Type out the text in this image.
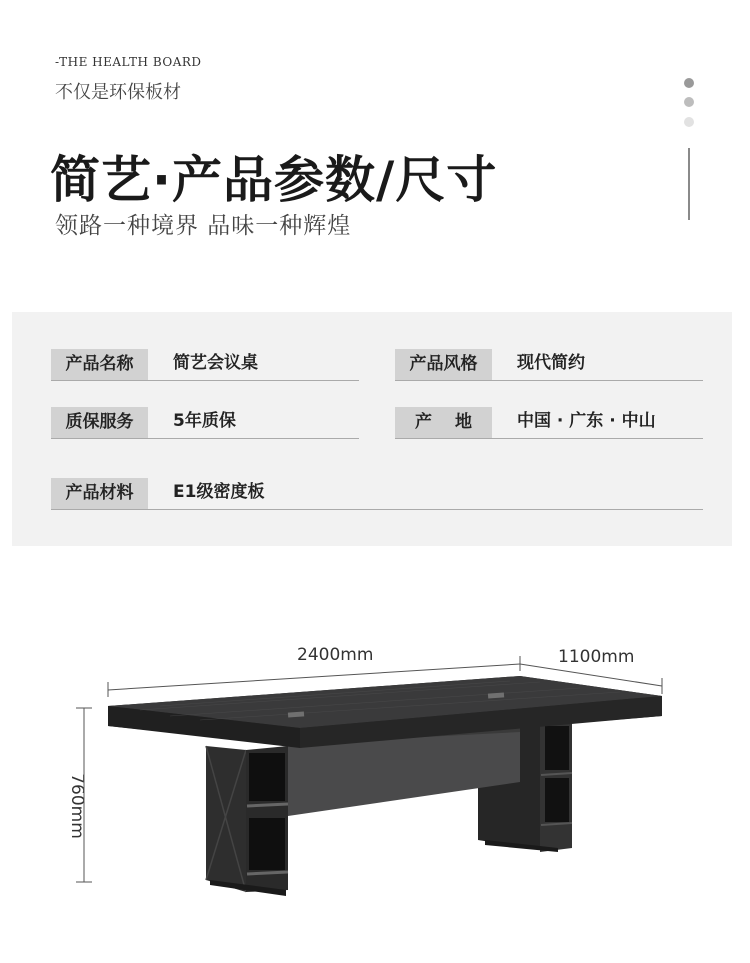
-THE HEALTH BOARD
不仅是环保板材
简艺·产品参数/尺寸
领路一种境界 品味一种辉煌
产品名称	简艺会议桌	产品风格	现代简约
质保服务	5年质保	产　 地	中国 · 广东 · 中山
产品材料	E1级密度板
2400mm	1100mm
760mm
